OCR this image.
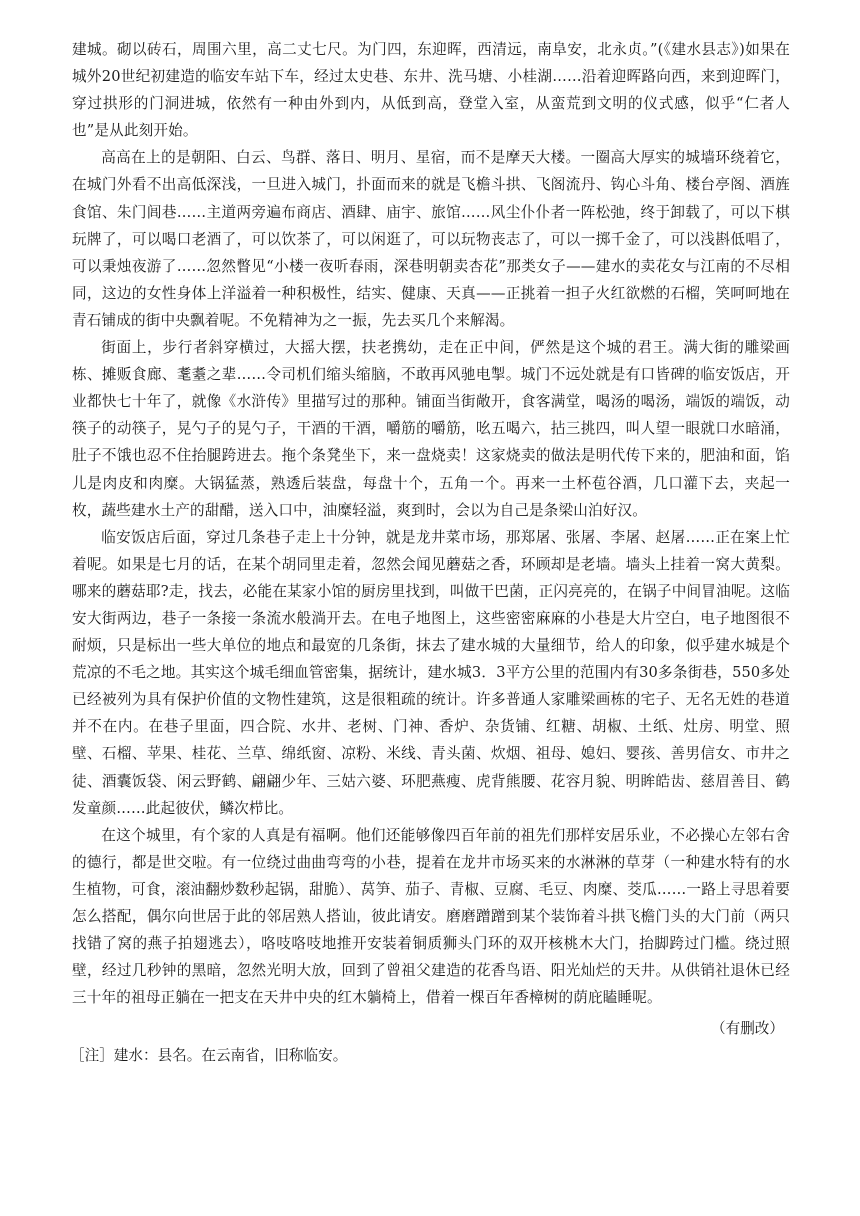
建城。砌以砖石，周围六里，高二丈七尺。为门四，东迎晖，西清远，南阜安，北永贞。”(《建水县志》)如果在城外20世纪初建造的临安车站下车，经过太史巷、东井、洗马塘、小桂湖……沿着迎晖路向西，来到迎晖门，穿过拱形的门洞进城，依然有一种由外到内，从低到高，登堂入室，从蛮荒到文明的仪式感，似乎“仁者人也”是从此刻开始。

高高在上的是朝阳、白云、鸟群、落日、明月、星宿，而不是摩天大楼。一圈高大厚实的城墙环绕着它，在城门外看不出高低深浅，一旦进入城门，扑面而来的就是飞檐斗拱、飞阁流丹、钩心斗角、楼台亭阁、酒旌食馆、朱门闾巷……主道两旁遍布商店、酒肆、庙宇、旅馆……风尘仆仆者一阵松弛，终于卸载了，可以下棋玩牌了，可以喝口老酒了，可以饮茶了，可以闲逛了，可以玩物丧志了，可以一掷千金了，可以浅斟低唱了，可以秉烛夜游了……忽然瞥见“小楼一夜听春雨，深巷明朝卖杏花”那类女子——建水的卖花女与江南的不尽相同，这边的女性身体上洋溢着一种积极性，结实、健康、天真——正挑着一担子火红欲燃的石榴，笑呵呵地在青石铺成的街中央飘着呢。不免精神为之一振，先去买几个来解渴。

街面上，步行者斜穿横过，大摇大摆，扶老携幼，走在正中间，俨然是这个城的君王。满大街的雕梁画栋、摊贩食廊、耄耋之辈……令司机们缩头缩脑，不敢再风驰电掣。城门不远处就是有口皆碑的临安饭店，开业都快七十年了，就像《水浒传》里描写过的那种。铺面当街敞开，食客满堂，喝汤的喝汤，端饭的端饭，动筷子的动筷子，晃勺子的晃勺子，干酒的干酒，嚼筋的嚼筋，吆五喝六，拈三挑四，叫人望一眼就口水暗涌，肚子不饿也忍不住抬腿跨进去。拖个条凳坐下，来一盘烧卖！这家烧卖的做法是明代传下来的，肥油和面，馅儿是肉皮和肉糜。大锅猛蒸，熟透后装盘，每盘十个，五角一个。再来一土杯苞谷酒，几口灌下去，夹起一枚，蔬些建水土产的甜醋，送入口中，油糜轻溢，爽到时，会以为自己是条梁山泊好汉。

临安饭店后面，穿过几条巷子走上十分钟，就是龙井菜市场，那郑屠、张屠、李屠、赵屠……正在案上忙着呢。如果是七月的话，在某个胡同里走着，忽然会闻见蘑菇之香，环顾却是老墙。墙头上挂着一窝大黄梨。哪来的蘑菇耶?走，找去，必能在某家小馆的厨房里找到，叫做干巴菌，正闪亮亮的，在锅子中间冒油呢。这临安大街两边，巷子一条接一条流水般淌开去。在电子地图上，这些密密麻麻的小巷是大片空白，电子地图很不耐烦，只是标出一些大单位的地点和最宽的几条街，抹去了建水城的大量细节，给人的印象，似乎建水城是个荒凉的不毛之地。其实这个城毛细血管密集，据统计，建水城3．3平方公里的范围内有30多条街巷，550多处已经被列为具有保护价值的文物性建筑，这是很粗疏的统计。许多普通人家雕梁画栋的宅子、无名无姓的巷道并不在内。在巷子里面，四合院、水井、老树、门神、香炉、杂货铺、红糖、胡椒、土纸、灶房、明堂、照壁、石榴、苹果、桂花、兰草、绵纸窗、凉粉、米线、青头菌、炊烟、祖母、媳妇、婴孩、善男信女、市井之徒、酒囊饭袋、闲云野鹤、翩翩少年、三姑六婆、环肥燕瘦、虎背熊腰、花容月貌、明眸皓齿、慈眉善目、鹤发童颜……此起彼伏，鳞次栉比。

在这个城里，有个家的人真是有福啊。他们还能够像四百年前的祖先们那样安居乐业，不必操心左邻右舍的德行，都是世交啦。有一位绕过曲曲弯弯的小巷，提着在龙井市场买来的水淋淋的草芽（一种建水特有的水生植物，可食，滚油翻炒数秒起锅，甜脆）、莴笋、茄子、青椒、豆腐、毛豆、肉糜、茭瓜……一路上寻思着要怎么搭配，偶尔向世居于此的邻居熟人搭讪，彼此请安。磨磨蹭蹭到某个装饰着斗拱飞檐门头的大门前（两只找错了窝的燕子拍翅逃去），咯吱咯吱地推开安装着铜质狮头门环的双开核桃木大门，抬脚跨过门槛。绕过照壁，经过几秒钟的黑暗，忽然光明大放，回到了曾祖父建造的花香鸟语、阳光灿烂的天井。从供销社退休已经三十年的祖母正躺在一把支在天井中央的红木躺椅上，借着一棵百年香樟树的荫庇瞌睡呢。

（有删改）

［注］建水：县名。在云南省，旧称临安。
